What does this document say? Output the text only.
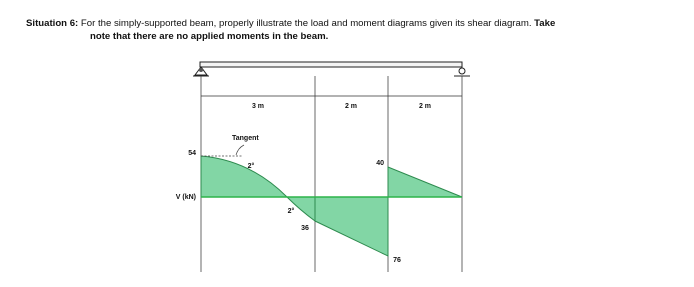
Situation 6: For the simply-supported beam, properly illustrate the load and moment diagrams given its shear diagram. Take
note that there are no applied moments in the beam.
3 m	2 m	2 m
Tangent
2°
2°
54
40
36
76
V (kN)
